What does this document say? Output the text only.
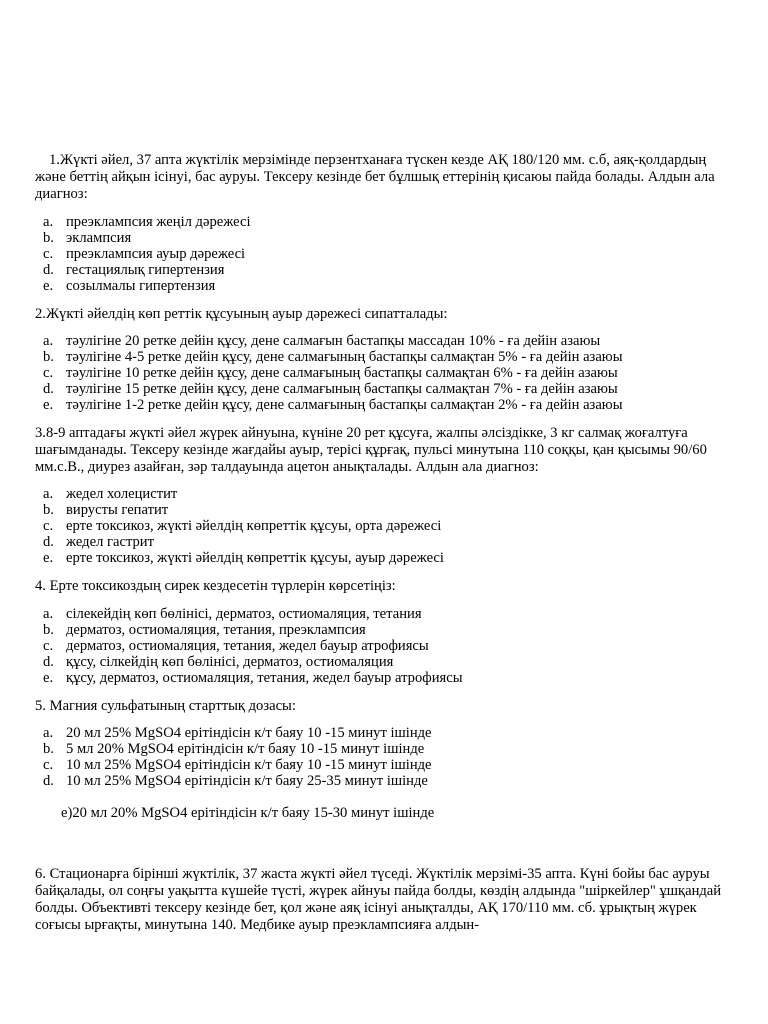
1.Жүкті әйел, 37 апта жүктілік мерзімінде перзентханаға түскен кезде АҚ 180/120 мм. с.б, аяқ-қолдардың және беттің айқын ісінуі, бас ауруы. Тексеру кезінде бет бұлшық еттерінің қисаюы пайда болады. Алдын ала диагноз:

a. преэклампсия жеңіл дәрежесі
b. эклампсия
c. преэклампсия ауыр дәрежесі
d. гестациялық гипертензия
e. созылмалы гипертензия

2.Жүкті әйелдің көп реттік құсуының ауыр дәрежесі сипатталады:

a. тәулігіне 20 ретке дейін құсу, дене салмағын бастапқы массадан 10% - ға дейін азаюы
b. тәулігіне 4-5 ретке дейін құсу, дене салмағының бастапқы салмақтан 5% - ға дейін азаюы
c. тәулігіне 10 ретке дейін құсу, дене салмағының бастапқы салмақтан 6% - ға дейін азаюы
d. тәулігіне 15 ретке дейін құсу, дене салмағының бастапқы салмақтан 7% - ға дейін азаюы
e. тәулігіне 1-2 ретке дейін құсу, дене салмағының бастапқы салмақтан 2% - ға дейін азаюы

3.8-9 аптадағы жүкті әйел жүрек айнуына, күніне 20 рет құсуға, жалпы әлсіздікке, 3 кг салмақ жоғалтуға шағымданады. Тексеру кезінде жағдайы ауыр, терісі құрғақ, пульсі минутына 110 соққы, қан қысымы 90/60 мм.с.В., диурез азайған, зәр талдауында ацетон анықталады. Алдын ала диагноз:

a. жедел холецистит
b. вирусты гепатит
c. ерте токсикоз, жүкті әйелдің көпреттік құсуы, орта дәрежесі
d. жедел гастрит
e. ерте токсикоз, жүкті әйелдің көпреттік құсуы, ауыр дәрежесі

4. Ерте токсикоздың сирек кездесетін түрлерін көрсетіңіз:

a. сілекейдің көп бөлінісі, дерматоз, остиомаляция, тетания
b. дерматоз, остиомаляция, тетания, преэклампсия
c. дерматоз, остиомаляция, тетания, жедел бауыр атрофиясы
d. құсу, сілкейдің көп бөлінісі, дерматоз, остиомаляция
e. құсу, дерматоз, остиомаляция, тетания, жедел бауыр атрофиясы

5. Магния сульфатының старттық дозасы:

a. 20 мл 25% MgSO4 ерітіндісін к/т баяу 10 -15 минут ішінде
b. 5 мл 20% MgSO4 ерітіндісін к/т баяу 10 -15 минут ішінде
c. 10 мл 25% MgSO4 ерітіндісін к/т баяу 10 -15 минут ішінде
d. 10 мл 25% MgSO4 ерітіндісін к/т баяу 25-35 минут ішінде

e)20 мл 20% MgSO4 ерітіндісін к/т баяу 15-30 минут ішінде

6. Стационарға бірінші жүктілік, 37 жаста жүкті әйел түседі. Жүктілік мерзімі-35 апта. Күні бойы бас ауруы байқалады, ол соңғы уақытта күшейе түсті, жүрек айнуы пайда болды, көздің алдында "шіркейлер" ұшқандай болды. Объективті тексеру кезінде бет, қол және аяқ ісінуі анықталды, АҚ 170/110 мм. сб. ұрықтың жүрек соғысы ырғақты, минутына 140. Медбике ауыр преэклампсияға алдын-
